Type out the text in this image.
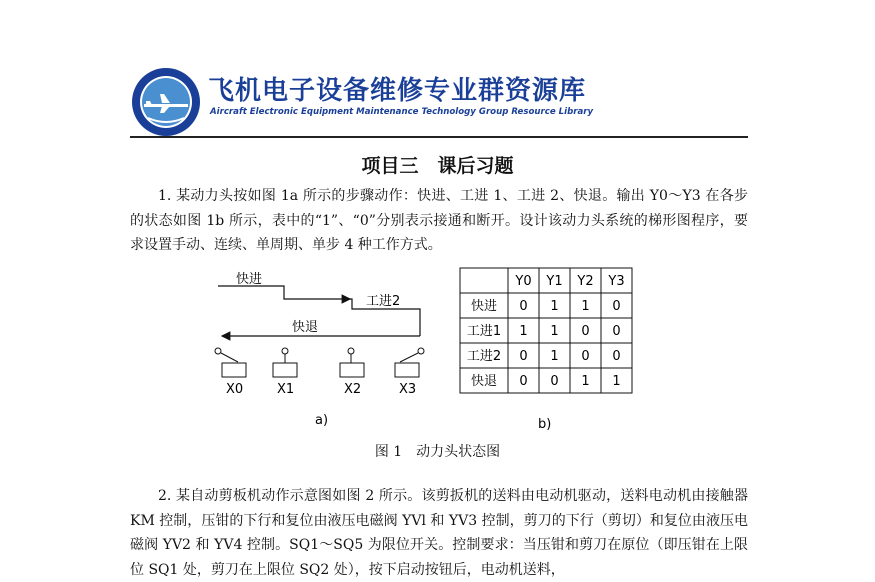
飞机电子设备维修专业群资源库
Aircraft Electronic Equipment Maintenance Technology Group Resource Library
项目三　课后习题
1. 某动力头按如图 1a 所示的步骤动作：快进、工进 1、工进 2、快退。输出 Y0～Y3 在各步的状态如图 1b 所示，表中的“1”、“0”分别表示接通和断开。设计该动力头系统的梯形图程序，要求设置手动、连续、单周期、单步 4 种工作方式。
快进
工进2
快退
X0	X1	X2	X3
a)
Y0 Y1 Y2 Y3
快进 0 1 1 0
工进1 1 1 0 0
工进2 0 1 0 0
快退 0 0 1 1
b)
图 1　动力头状态图
2. 某自动剪板机动作示意图如图 2 所示。该剪扳机的送料由电动机驱动，送料电动机由接触器 KM 控制，压钳的下行和复位由液压电磁阀 YVl 和 YV3 控制，剪刀的下行（剪切）和复位由液压电磁阀 YV2 和 YV4 控制。SQ1～SQ5 为限位开关。控制要求：当压钳和剪刀在原位（即压钳在上限位 SQ1 处，剪刀在上限位 SQ2 处），按下启动按钮后，电动机送料，
